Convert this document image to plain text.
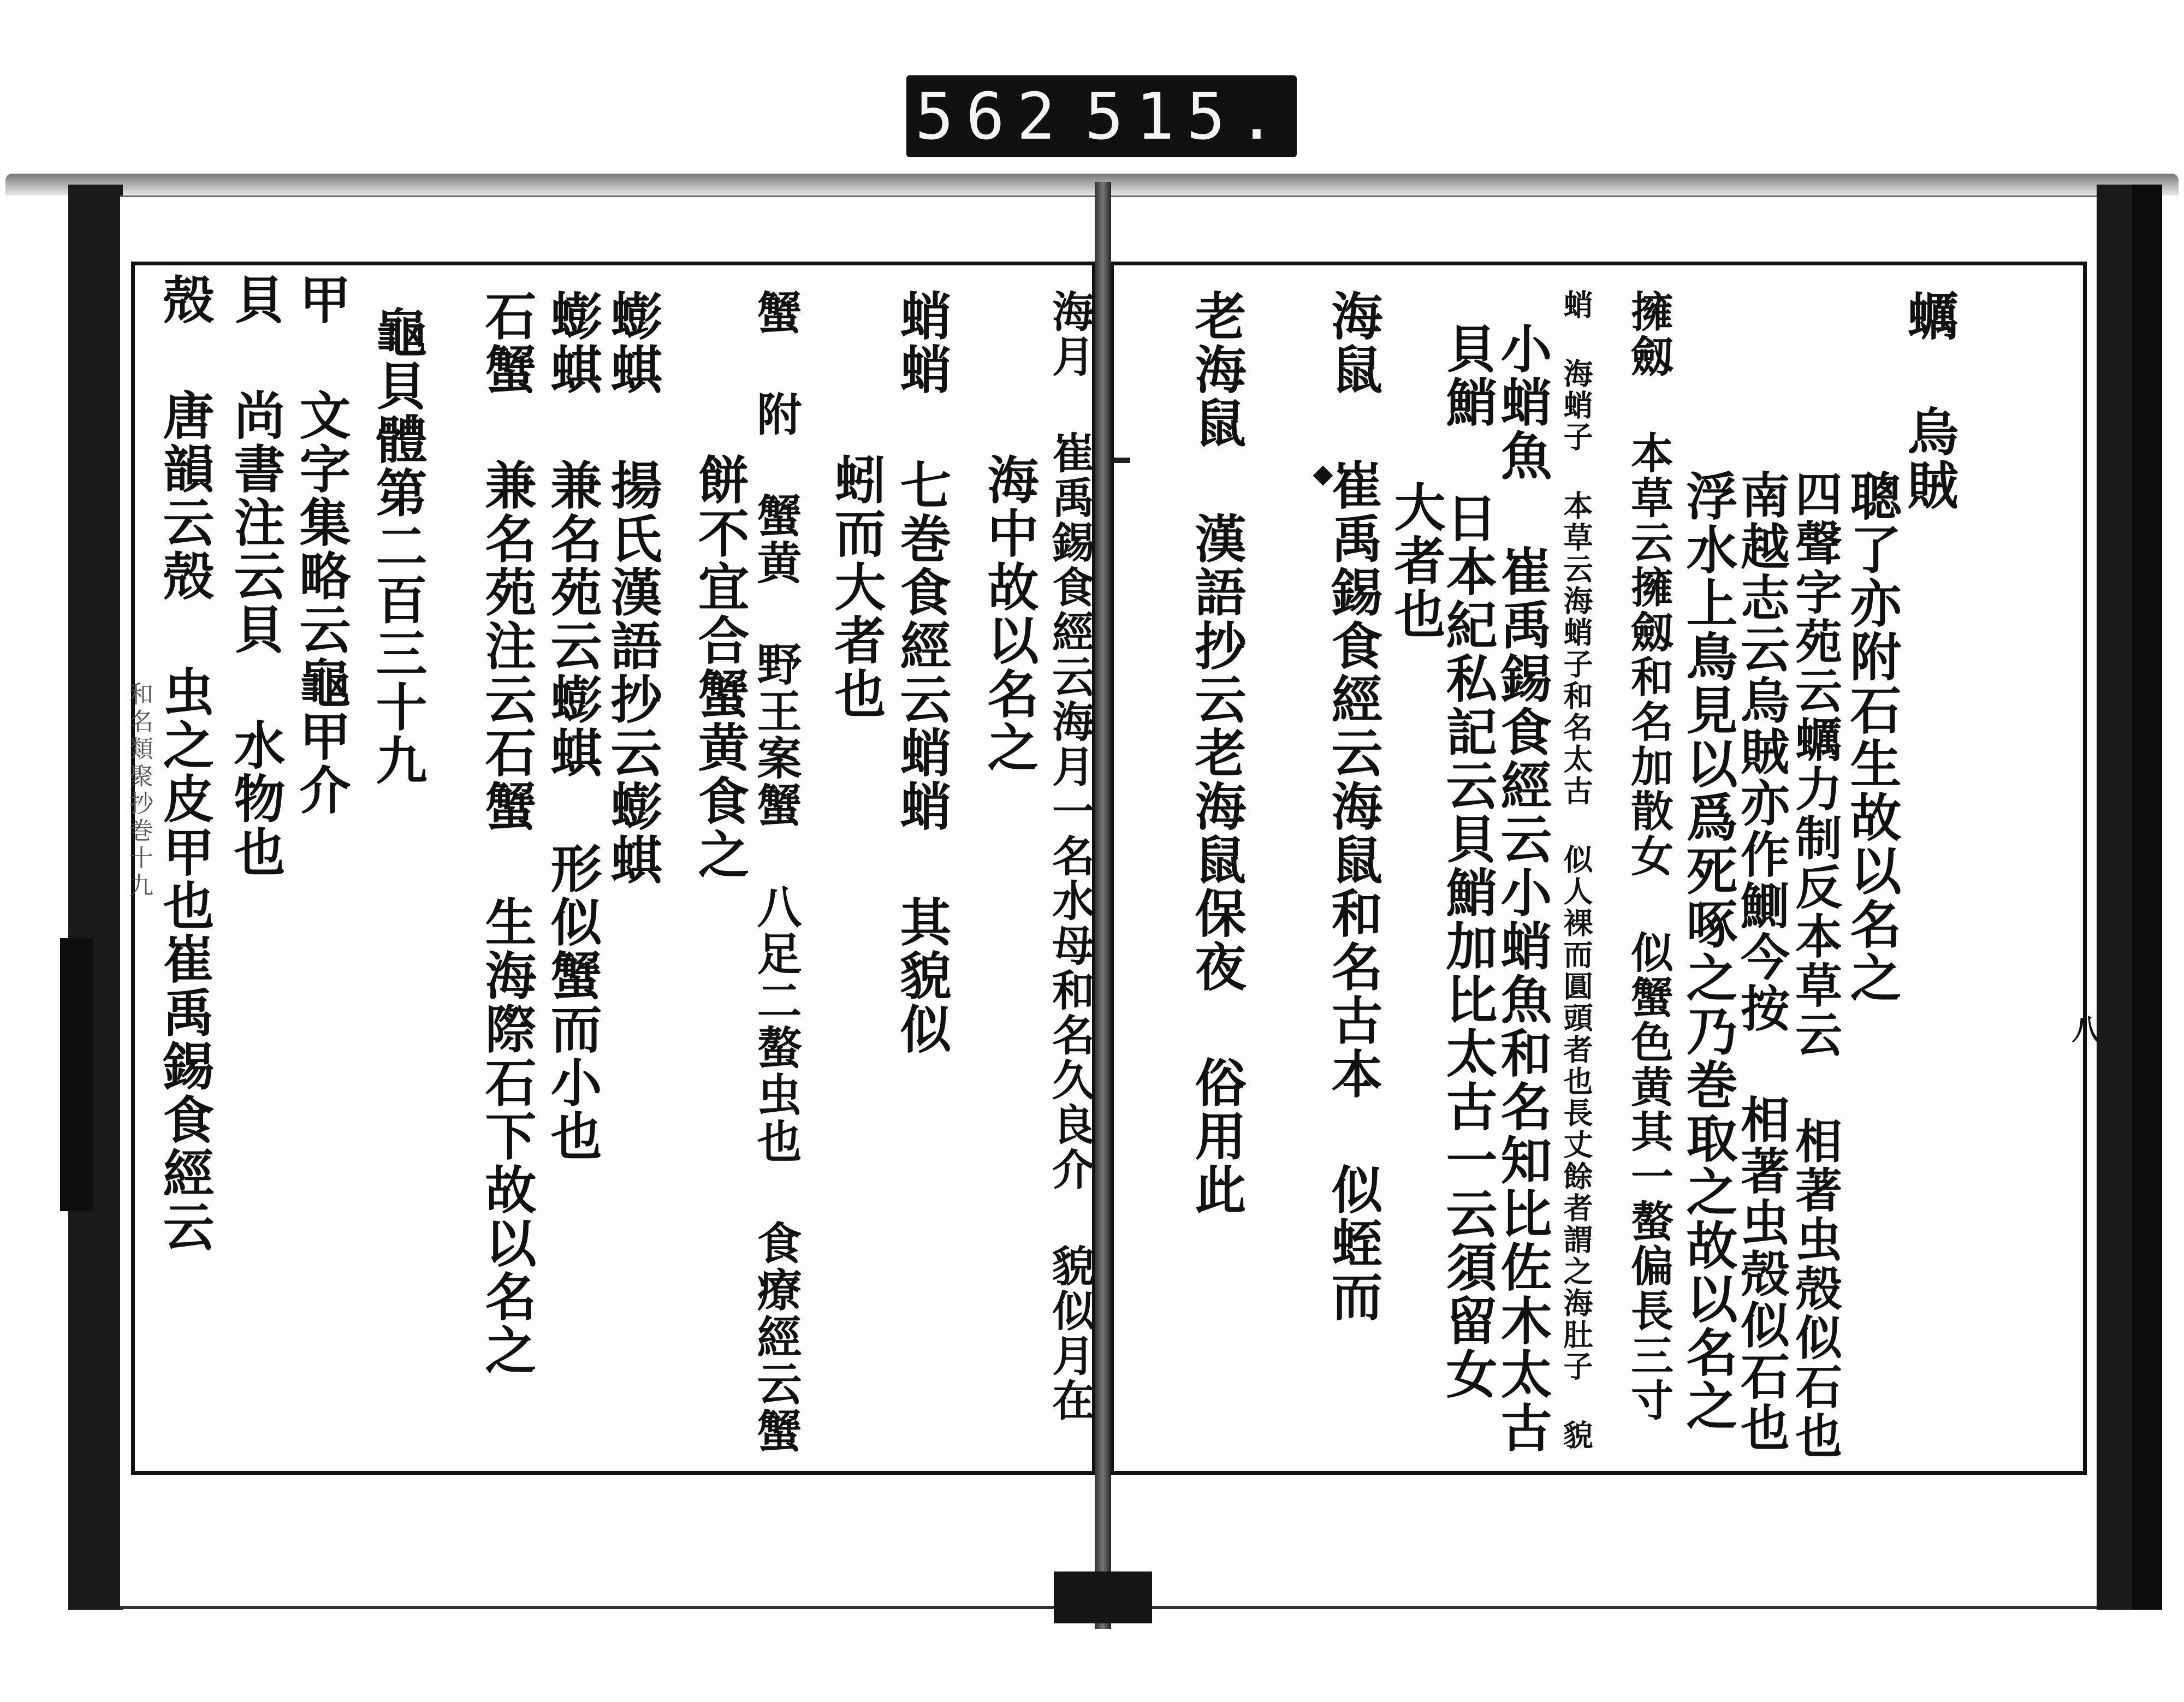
562 515.
和名類聚抄巻十九
八
蠣 烏賊
聰了亦附石生故以名之
四聲字苑云蠣力制反本草云 相著虫殻似石也
南越志云烏賊亦作鰂今按 相著虫殻似石也
浮水上鳥見以爲死啄之乃巻取之故以名之
擁劔 本草云擁劔和名加散女 似蟹色黄其一螯偏長三寸
蛸 海蛸子 本草云海蛸子和名太古 似人裸而圓頭者也長丈餘者謂之海肚子 貌
小蛸魚 崔禹錫食經云小蛸魚和名知比佐木太古
貝鮹 日本紀私記云貝鮹加比太古一云須留女
大者也
海鼠 崔禹錫食經云海鼠和名古本 似蛭而
老海鼠 漢語抄云老海鼠保夜 俗用此
海月 崔禹錫食經云海月一名水母和名久良介 貌似月在
海中故以名之
蛸蛸 七巻食經云蛸蛸 其貌似
蚓而大者也
蟹 附 蟹黄 野王案蟹 八足二螯虫也 食療經云蟹
餅不宜合蟹黄食之
蟛蜞 揚氏漢語抄云蟛蜞
蟛蜞 兼名苑云蟛蜞 形似蟹而小也
石蟹 兼名苑注云石蟹 生海際石下故以名之
龜貝體第二百三十九
甲 文字集略云龜甲介
貝 尚書注云貝 水物也
殻 唐韻云殻 虫之皮甲也崔禹錫食經云
